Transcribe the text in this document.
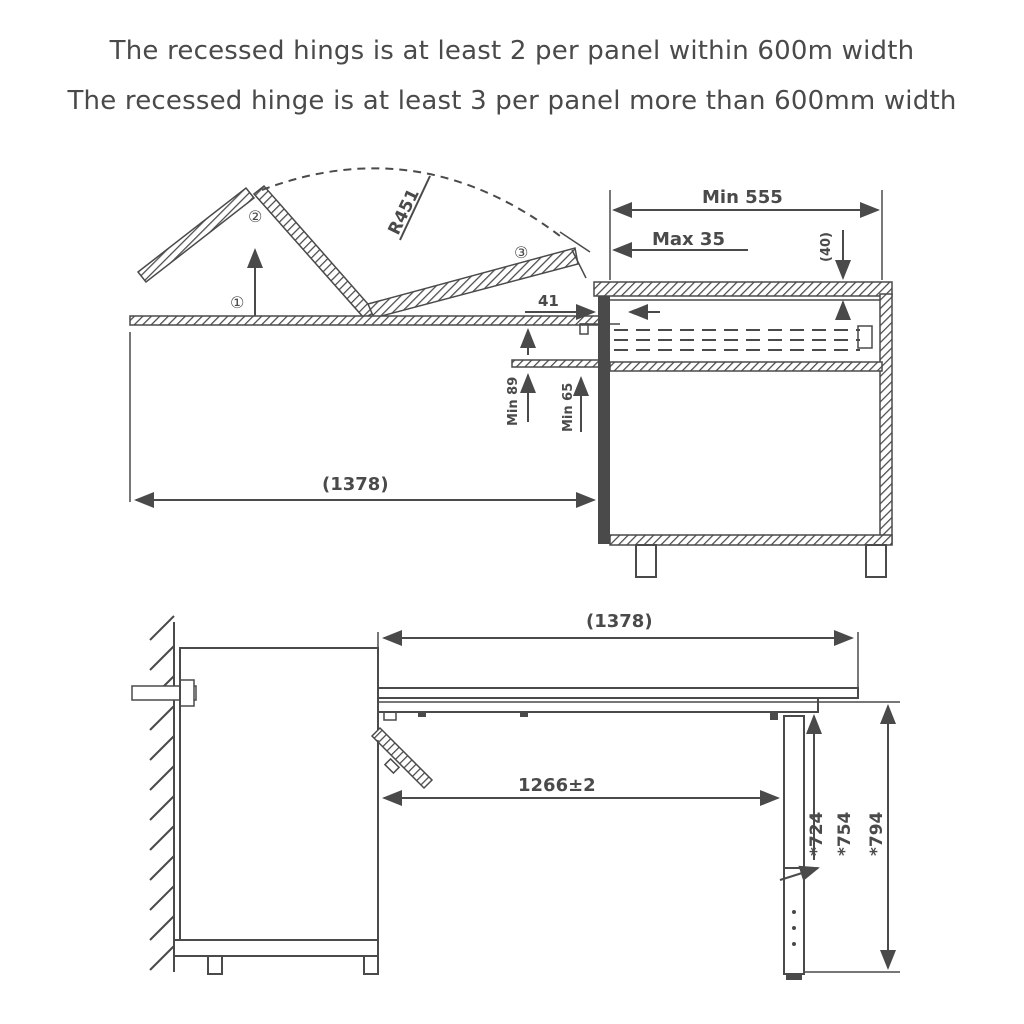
The recessed hings is at least 2 per panel within 600m width
The recessed hinge is at least 3 per panel more than 600mm width
R451
①
②
③
Min 555
Max 35	(40)
41
Min 89	Min 65
(1378)
(1378)
1266±2
*724 *754 *794
